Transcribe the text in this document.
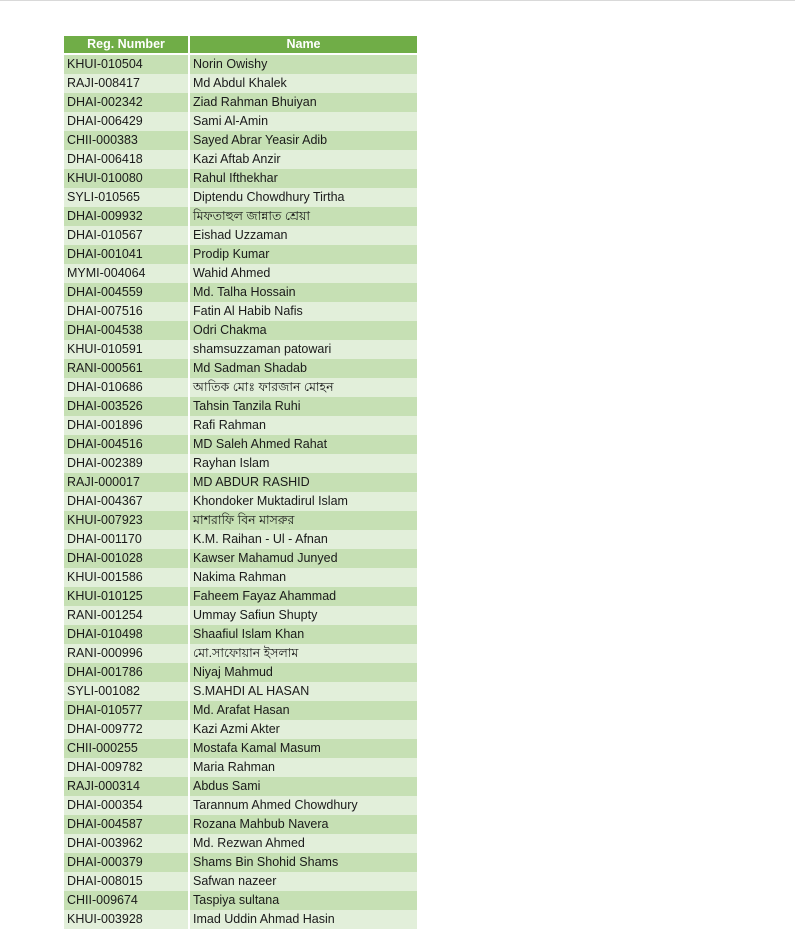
Reg. Number	Name
KHUI-010504	Norin Owishy
RAJI-008417	Md Abdul Khalek
DHAI-002342	Ziad Rahman Bhuiyan
DHAI-006429	Sami Al-Amin
CHII-000383	Sayed Abrar Yeasir Adib
DHAI-006418	Kazi Aftab Anzir
KHUI-010080	Rahul Ifthekhar
SYLI-010565	Diptendu Chowdhury Tirtha
DHAI-009932	মিফতাহুল জান্নাত শ্রেয়া
DHAI-010567	Eishad Uzzaman
DHAI-001041	Prodip Kumar
MYMI-004064	Wahid Ahmed
DHAI-004559	Md. Talha Hossain
DHAI-007516	Fatin Al Habib Nafis
DHAI-004538	Odri Chakma
KHUI-010591	shamsuzzaman patowari
RANI-000561	Md Sadman Shadab
DHAI-010686	আতিক মোঃ ফারজান মোহন
DHAI-003526	Tahsin Tanzila Ruhi
DHAI-001896	Rafi Rahman
DHAI-004516	MD Saleh Ahmed Rahat
DHAI-002389	Rayhan Islam
RAJI-000017	MD ABDUR RASHID
DHAI-004367	Khondoker Muktadirul Islam
KHUI-007923	মাশরাফি বিন মাসরুর
DHAI-001170	K.M. Raihan - Ul - Afnan
DHAI-001028	Kawser Mahamud Junyed
KHUI-001586	Nakima Rahman
KHUI-010125	Faheem Fayaz Ahammad
RANI-001254	Ummay Safiun Shupty
DHAI-010498	Shaafiul Islam Khan
RANI-000996	মো.সাফোয়ান ইসলাম
DHAI-001786	Niyaj Mahmud
SYLI-001082	S.MAHDI AL HASAN
DHAI-010577	Md. Arafat Hasan
DHAI-009772	Kazi Azmi Akter
CHII-000255	Mostafa Kamal Masum
DHAI-009782	Maria Rahman
RAJI-000314	Abdus Sami
DHAI-000354	Tarannum Ahmed Chowdhury
DHAI-004587	Rozana Mahbub Navera
DHAI-003962	Md. Rezwan Ahmed
DHAI-000379	Shams Bin Shohid Shams
DHAI-008015	Safwan nazeer
CHII-009674	Taspiya sultana
KHUI-003928	Imad Uddin Ahmad Hasin
